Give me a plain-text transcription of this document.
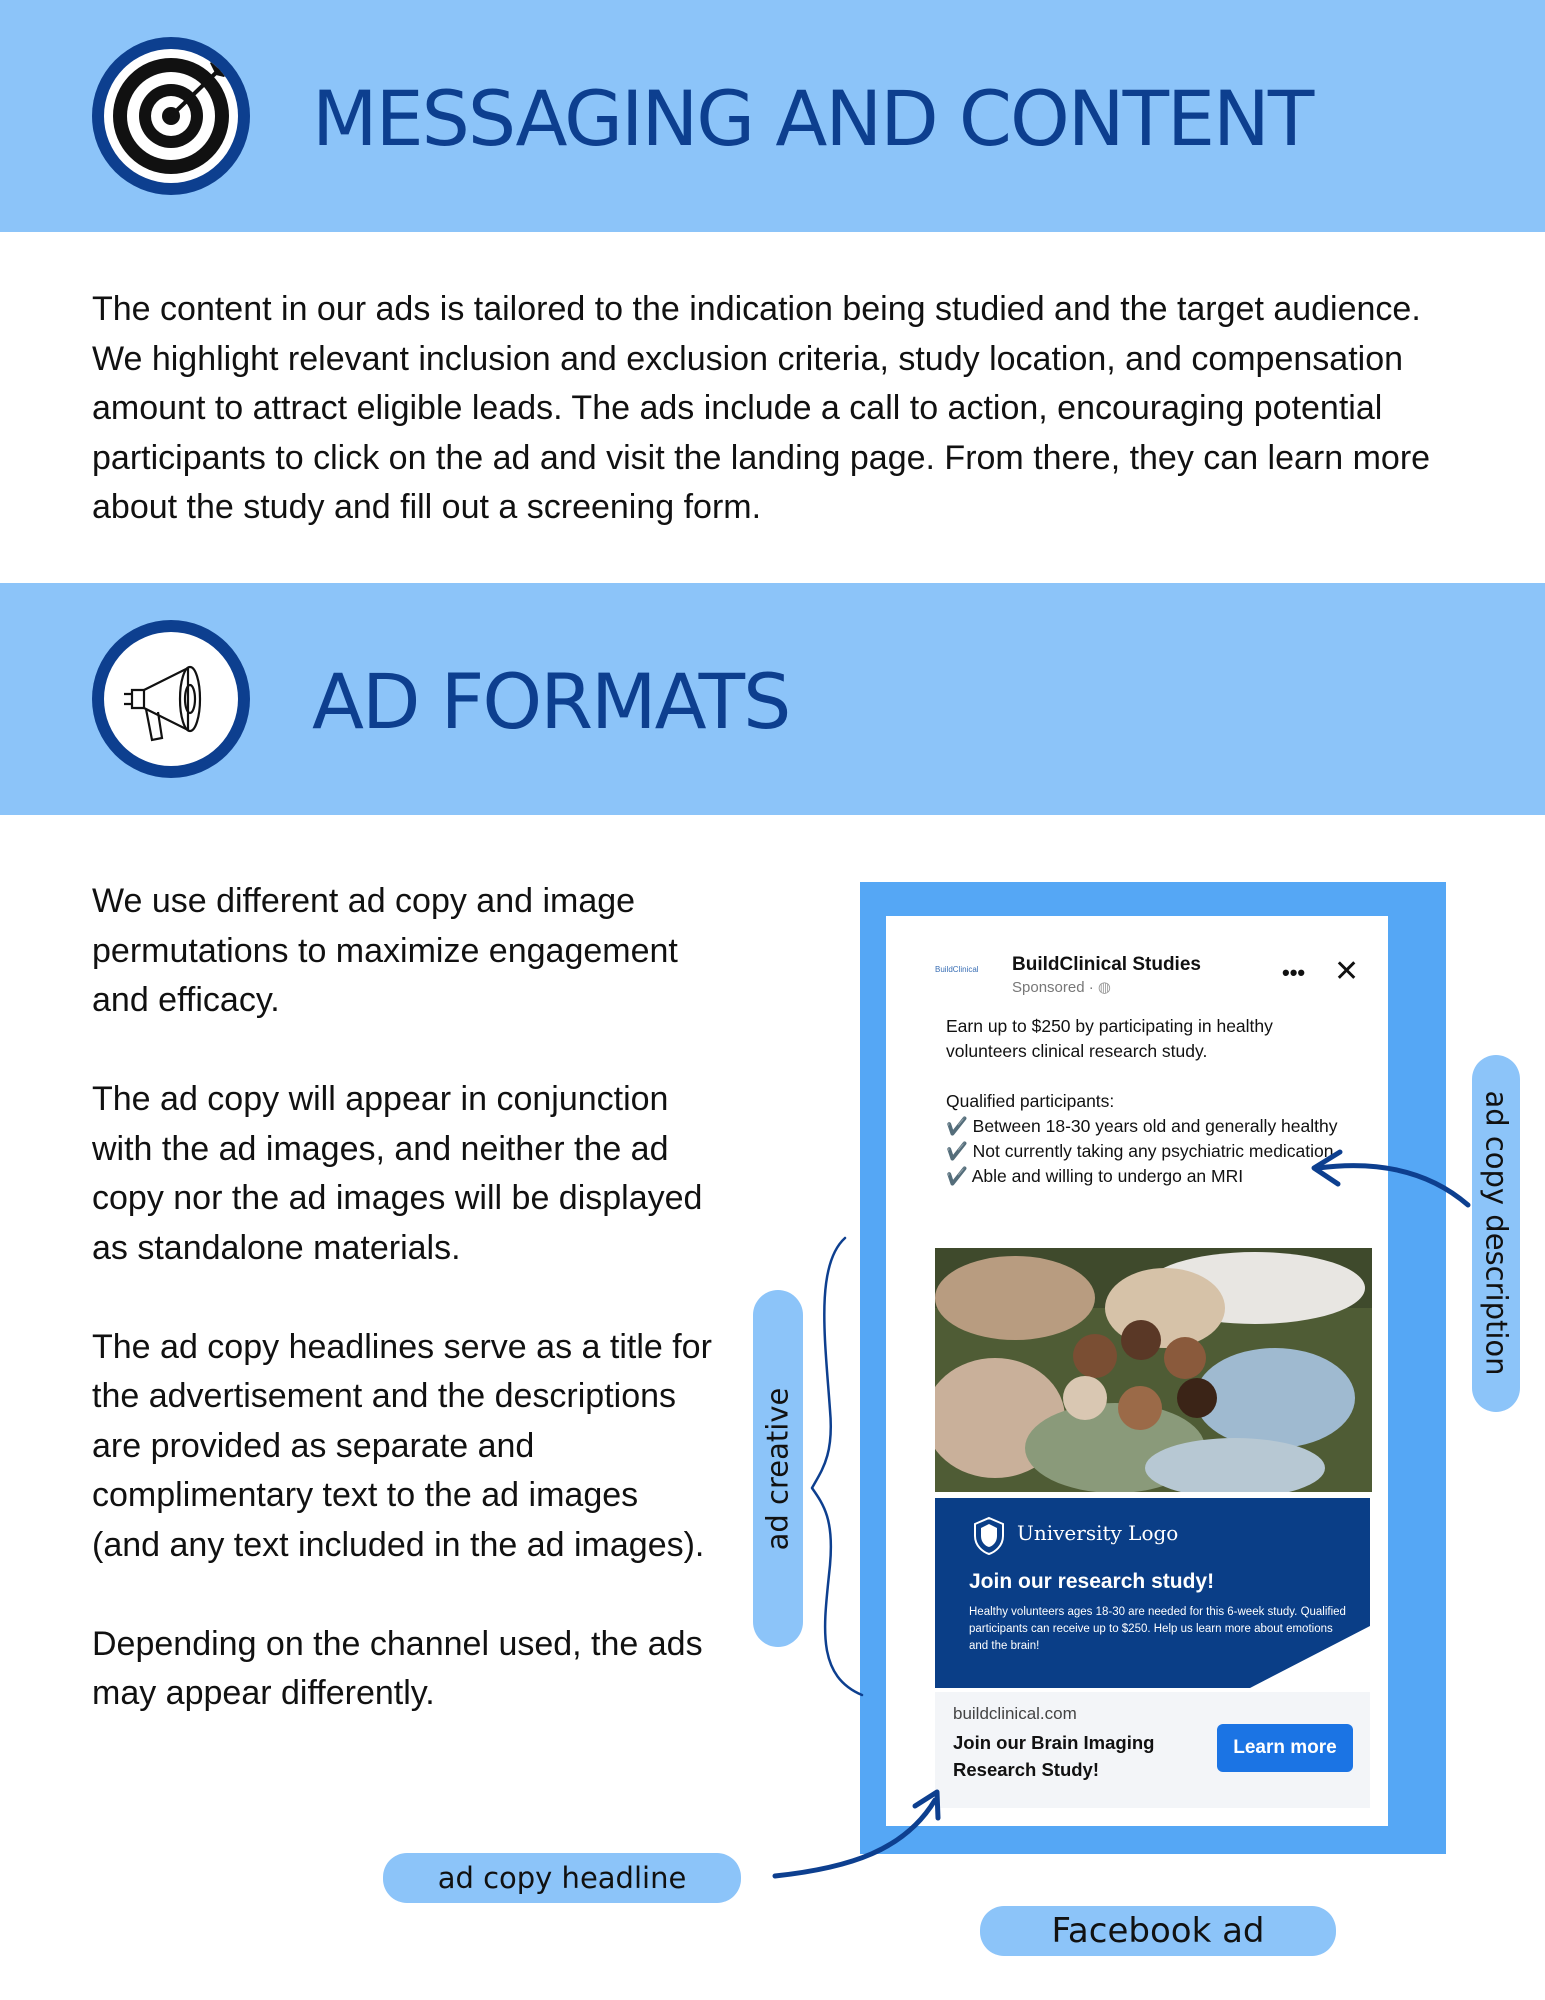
MESSAGING AND CONTENT
The content in our ads is tailored to the indication being studied and the target audience. We highlight relevant inclusion and exclusion criteria, study location, and compensation amount to attract eligible leads. The ads include a call to action, encouraging potential participants to click on the ad and visit the landing page. From there, they can learn more about the study and fill out a screening form.
AD FORMATS

We use different ad copy and image permutations to maximize engagement and efficacy.

The ad copy will appear in conjunction with the ad images, and neither the ad copy nor the ad images will be displayed as standalone materials.

The ad copy headlines serve as a title for the advertisement and the descriptions are provided as separate and complimentary text to the ad images (and any text included in the ad images).

Depending on the channel used, the ads may appear differently.

BuildClinical BuildClinical Studies
Sponsored · ◍
••• ✕
Earn up to $250 by participating in healthy volunteers clinical research study.
Qualified participants:
✔️ Between 18-30 years old and generally healthy
✔️ Not currently taking any psychiatric medication
✔️ Able and willing to undergo an MRI
University Logo
Join our research study!
Healthy volunteers ages 18-30 are needed for this 6-week study. Qualified participants can receive up to $250. Help us learn more about emotions and the brain!
buildclinical.com
Join our Brain Imaging Research Study!
Learn more
ad copy description
ad creative
ad copy headline
Facebook ad
